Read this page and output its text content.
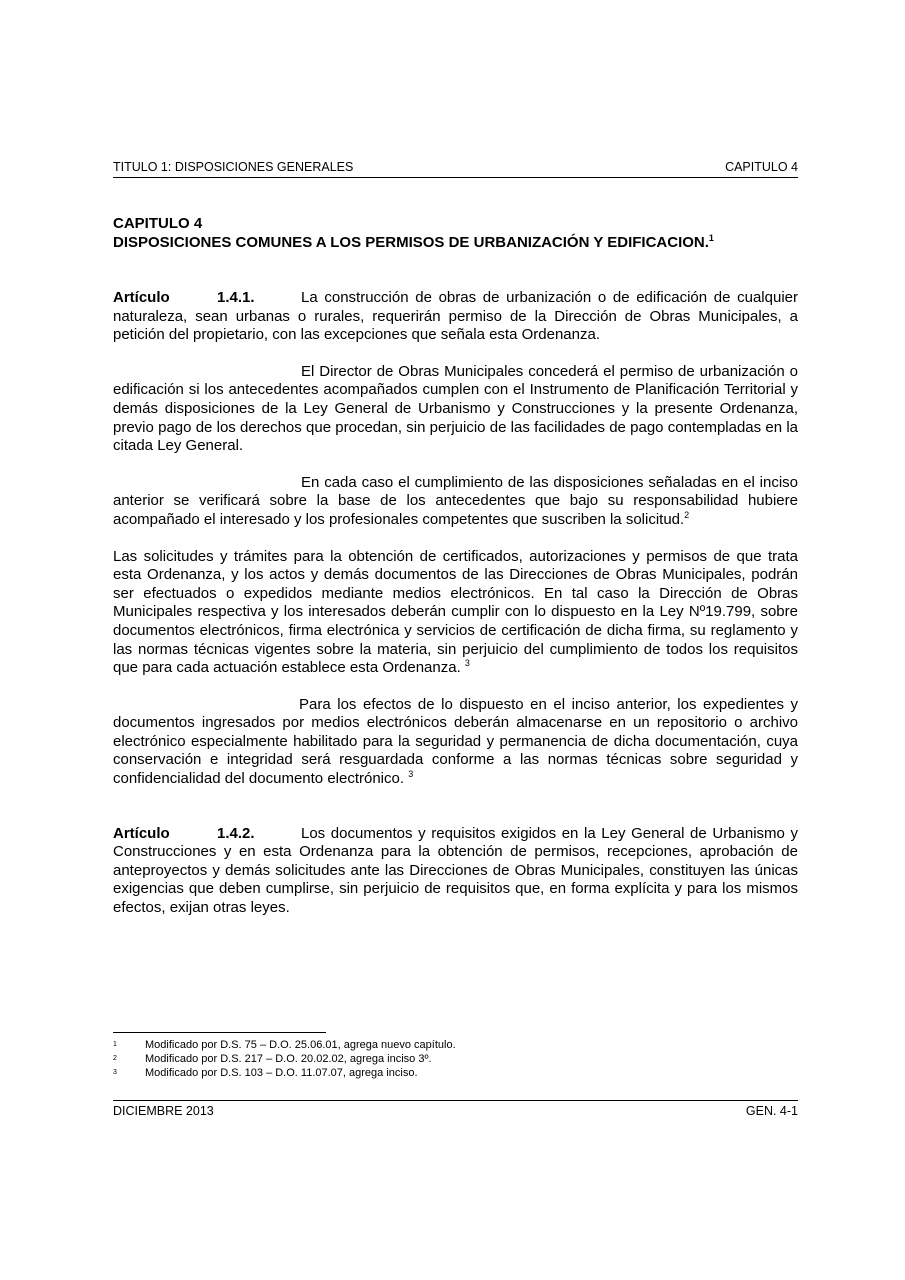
TITULO 1: DISPOSICIONES GENERALES	CAPITULO 4
CAPITULO 4
DISPOSICIONES COMUNES A LOS PERMISOS DE URBANIZACIÓN Y EDIFICACION.$^1$

Artículo	1.4.1.	La construcción de obras de urbanización o de edificación de cualquier naturaleza, sean urbanas o rurales, requerirán permiso de la Dirección de Obras Municipales, a petición del propietario, con las excepciones que señala esta Ordenanza.

El Director de Obras Municipales concederá el permiso de urbanización o edificación si los antecedentes acompañados cumplen con el Instrumento de Planificación Territorial y demás disposiciones de la Ley General de Urbanismo y Construcciones y la presente Ordenanza, previo pago de los derechos que procedan, sin perjuicio de las facilidades de pago contempladas en la citada Ley General.

En cada caso el cumplimiento de las disposiciones señaladas en el inciso anterior se verificará sobre la base de los antecedentes que bajo su responsabilidad hubiere acompañado el interesado y los profesionales competentes que suscriben la solicitud.$^2$

Las solicitudes y trámites para la obtención de certificados, autorizaciones y permisos de que trata esta Ordenanza, y los actos y demás documentos de las Direcciones de Obras Municipales, podrán ser efectuados o expedidos mediante medios electrónicos. En tal caso la Dirección de Obras Municipales respectiva y los interesados deberán cumplir con lo dispuesto en la Ley Nº19.799, sobre documentos electrónicos, firma electrónica y servicios de certificación de dicha firma, su reglamento y las normas técnicas vigentes sobre la materia, sin perjuicio del cumplimiento de todos los requisitos que para cada actuación establece esta Ordenanza. $^3$

Para los efectos de lo dispuesto en el inciso anterior, los expedientes y documentos ingresados por medios electrónicos deberán almacenarse en un repositorio o archivo electrónico especialmente habilitado para la seguridad y permanencia de dicha documentación, cuya conservación e integridad será resguardada conforme a las normas técnicas sobre seguridad y confidencialidad del documento electrónico. $^3$

Artículo	1.4.2.	Los documentos y requisitos exigidos en la Ley General de Urbanismo y Construcciones y en esta Ordenanza para la obtención de permisos, recepciones, aprobación de anteproyectos y demás solicitudes ante las Direcciones de Obras Municipales, constituyen las únicas exigencias que deben cumplirse, sin perjuicio de requisitos que, en forma explícita y para los mismos efectos, exijan otras leyes.

1	Modificado por D.S. 75 – D.O. 25.06.01, agrega nuevo capítulo.
2	Modificado por D.S. 217 – D.O. 20.02.02, agrega inciso 3º.
3	Modificado por D.S. 103 – D.O. 11.07.07, agrega inciso.
DICIEMBRE 2013	GEN. 4-1
